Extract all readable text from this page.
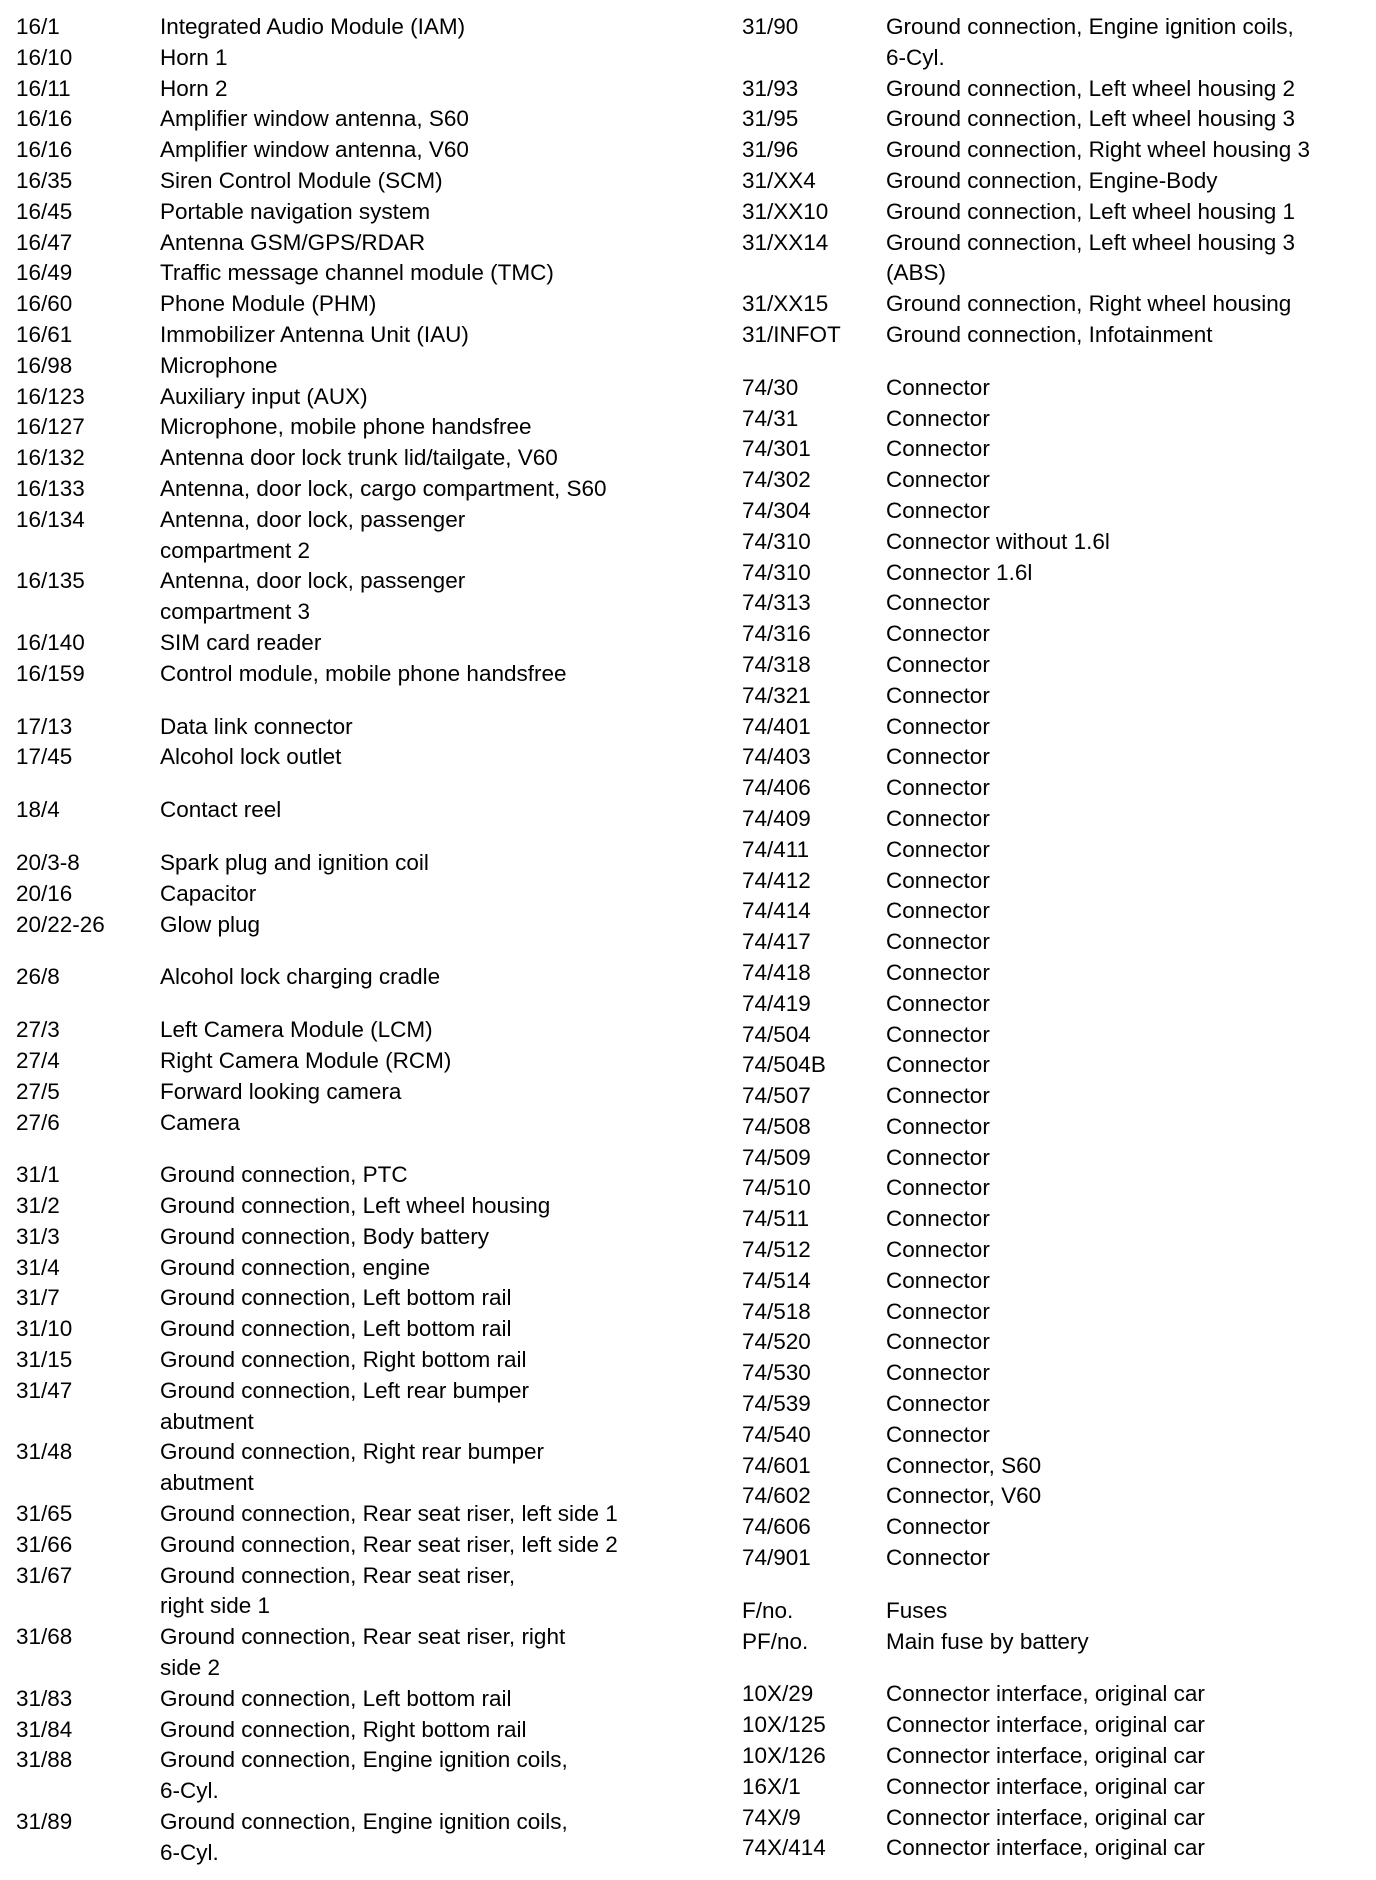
16/1	Integrated Audio Module (IAM)
16/10	Horn 1
16/11	Horn 2
16/16	Amplifier window antenna, S60
16/16	Amplifier window antenna, V60
16/35	Siren Control Module (SCM)
16/45	Portable navigation system
16/47	Antenna GSM/GPS/RDAR
16/49	Traffic message channel module (TMC)
16/60	Phone Module (PHM)
16/61	Immobilizer Antenna Unit (IAU)
16/98	Microphone
16/123	Auxiliary input (AUX)
16/127	Microphone, mobile phone handsfree
16/132	Antenna door lock trunk lid/tailgate, V60
16/133	Antenna, door lock, cargo compartment, S60
16/134	Antenna, door lock, passenger
compartment 2
16/135	Antenna, door lock, passenger
compartment 3
16/140	SIM card reader
16/159	Control module, mobile phone handsfree
17/13	Data link connector
17/45	Alcohol lock outlet
18/4	Contact reel
20/3-8	Spark plug and ignition coil
20/16	Capacitor
20/22-26	Glow plug
26/8	Alcohol lock charging cradle
27/3	Left Camera Module (LCM)
27/4	Right Camera Module (RCM)
27/5	Forward looking camera
27/6	Camera
31/1	Ground connection, PTC
31/2	Ground connection, Left wheel housing
31/3	Ground connection, Body battery
31/4	Ground connection, engine
31/7	Ground connection, Left bottom rail
31/10	Ground connection, Left bottom rail
31/15	Ground connection, Right bottom rail
31/47	Ground connection, Left rear bumper
abutment
31/48	Ground connection, Right rear bumper
abutment
31/65	Ground connection, Rear seat riser, left side 1
31/66	Ground connection, Rear seat riser, left side 2
31/67	Ground connection, Rear seat riser,
right side 1
31/68	Ground connection, Rear seat riser, right
side 2
31/83	Ground connection, Left bottom rail
31/84	Ground connection, Right bottom rail
31/88	Ground connection, Engine ignition coils,
6-Cyl.
31/89	Ground connection, Engine ignition coils,
6-Cyl.
31/90	Ground connection, Engine ignition coils,
6-Cyl.
31/93	Ground connection, Left wheel housing 2
31/95	Ground connection, Left wheel housing 3
31/96	Ground connection, Right wheel housing 3
31/XX4	Ground connection, Engine-Body
31/XX10	Ground connection, Left wheel housing 1
31/XX14	Ground connection, Left wheel housing 3
(ABS)
31/XX15	Ground connection, Right wheel housing
31/INFOT	Ground connection, Infotainment
74/30	Connector
74/31	Connector
74/301	Connector
74/302	Connector
74/304	Connector
74/310	Connector without 1.6l
74/310	Connector 1.6l
74/313	Connector
74/316	Connector
74/318	Connector
74/321	Connector
74/401	Connector
74/403	Connector
74/406	Connector
74/409	Connector
74/411	Connector
74/412	Connector
74/414	Connector
74/417	Connector
74/418	Connector
74/419	Connector
74/504	Connector
74/504B	Connector
74/507	Connector
74/508	Connector
74/509	Connector
74/510	Connector
74/511	Connector
74/512	Connector
74/514	Connector
74/518	Connector
74/520	Connector
74/530	Connector
74/539	Connector
74/540	Connector
74/601	Connector, S60
74/602	Connector, V60
74/606	Connector
74/901	Connector
F/no.	Fuses
PF/no.	Main fuse by battery
10X/29	Connector interface, original car
10X/125	Connector interface, original car
10X/126	Connector interface, original car
16X/1	Connector interface, original car
74X/9	Connector interface, original car
74X/414	Connector interface, original car
